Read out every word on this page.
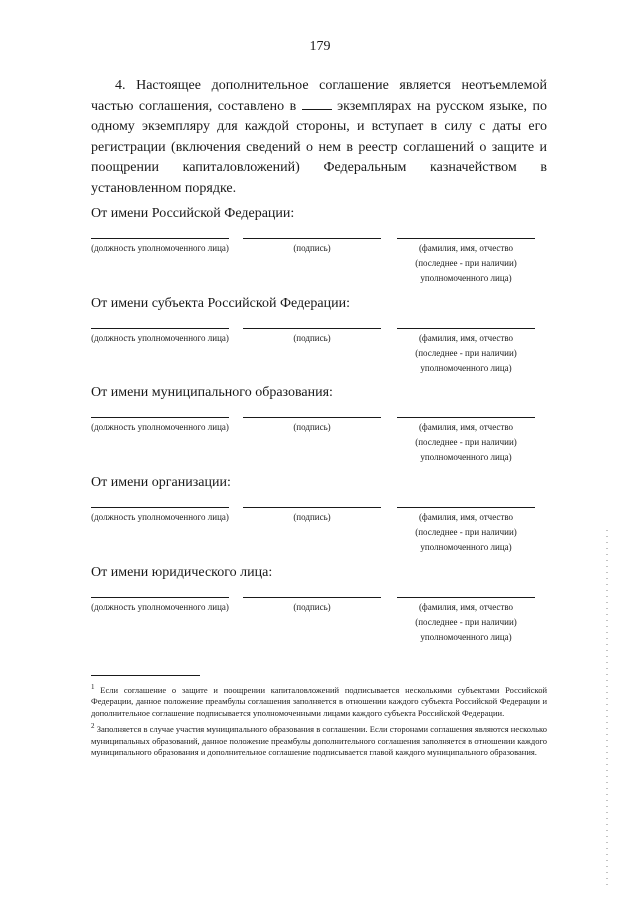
179
4. Настоящее дополнительное соглашение является неотъемлемой частью соглашения, составлено в	экземплярах на русском языке, по одному экземпляру для каждой стороны, и вступает в силу с даты его регистрации (включения сведений о нем в реестр соглашений о защите и поощрении капиталовложений) Федеральным казначейством в установленном порядке.
От имени Российской Федерации:
(должность уполномоченного лица)	(подпись)	(фамилия, имя, отчество (последнее - при наличии) уполномоченного лица)
От имени субъекта Российской Федерации:
(должность уполномоченного лица)	(подпись)	(фамилия, имя, отчество (последнее - при наличии) уполномоченного лица)
От имени муниципального образования:
(должность уполномоченного лица)	(подпись)	(фамилия, имя, отчество (последнее - при наличии) уполномоченного лица)
От имени организации:
(должность уполномоченного лица)	(подпись)	(фамилия, имя, отчество (последнее - при наличии) уполномоченного лица)
От имени юридического лица:
(должность уполномоченного лица)	(подпись)	(фамилия, имя, отчество (последнее - при наличии) уполномоченного лица)

$^1$ Если соглашение о защите и поощрении капиталовложений подписывается несколькими субъектами Российской Федерации, данное положение преамбулы соглашения заполняется в отношении каждого субъекта Российской Федерации и дополнительное соглашение подписывается уполномоченными лицами каждого субъекта Российской Федерации.

$^2$ Заполняется в случае участия муниципального образования в соглашении. Если сторонами соглашения являются несколько муниципальных образований, данное положение преамбулы дополнительного соглашения заполняется в отношении каждого муниципального образования и дополнительное соглашение подписывается главой каждого муниципального образования.
